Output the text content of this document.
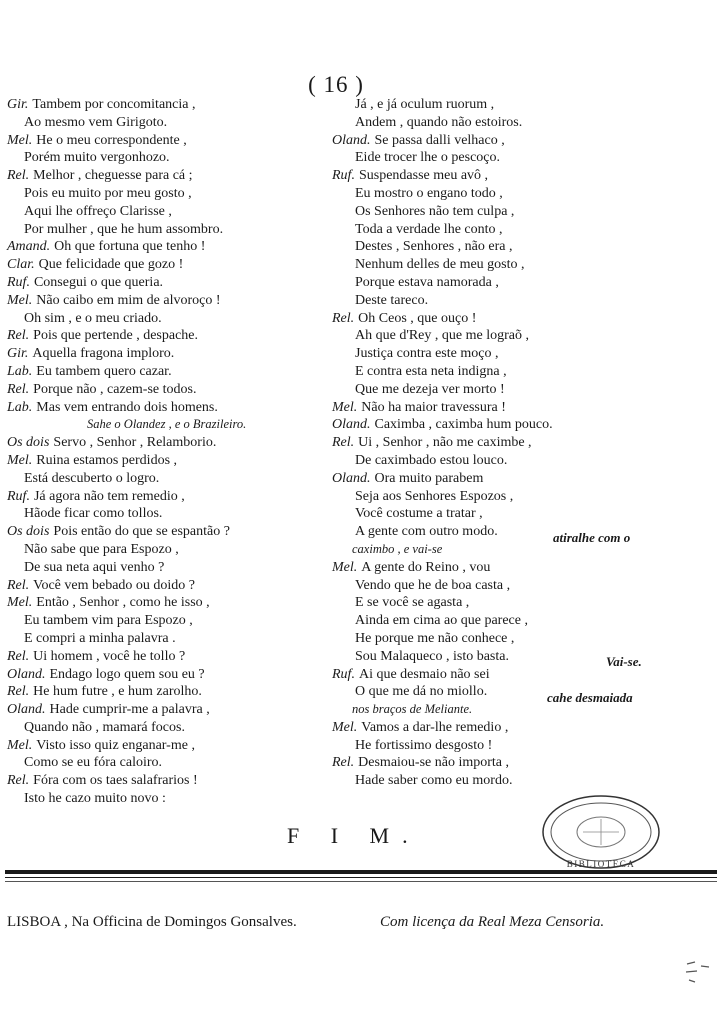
( 16 )
Gir. Tambem por concomitancia ,
Ao mesmo vem Girigoto.
Mel. He o meu correspondente ,
Porém muito vergonhozo.
Rel. Melhor , cheguesse para cá ;
Pois eu muito por meu gosto ,
Aqui lhe offreço Clarisse ,
Por mulher , que he hum assombro.
Amand. Oh que fortuna que tenho !
Clar. Que felicidade que gozo !
Ruf. Consegui o que queria.
Mel. Não caibo em mim de alvoroço !
Oh sim , e o meu criado.
Rel. Pois que pertende , despache.
Gir. Aquella fragona imploro.
Lab. Eu tambem quero cazar.
Rel. Porque não , cazem-se todos.
Lab. Mas vem entrando dois homens.
Sahe o Olandez , e o Brazileiro.
Os dois Servo , Senhor , Relamborio.
Mel. Ruina estamos perdidos ,
Está descuberto o logro.
Ruf. Já agora não tem remedio ,
Hãode ficar como tollos.
Os dois Pois então do que se espantão ?
Não sabe que para Espozo ,
De sua neta aqui venho ?
Rel. Você vem bebado ou doido ?
Mel. Então , Senhor , como he isso ,
Eu tambem vim para Espozo ,
E compri a minha palavra .
Rel. Ui homem , você he tollo ?
Oland. Endago logo quem sou eu ?
Rel. He hum futre , e hum zarolho.
Oland. Hade cumprir-me a palavra ,
Quando não , mamará focos.
Mel. Visto isso quiz enganar-me ,
Como se eu fóra caloiro.
Rel. Fóra com os taes salafrarios !
Isto he cazo muito novo :
Já , e já oculum ruorum ,
Andem , quando não estoiros.
Oland. Se passa dalli velhaco ,
Eide trocer lhe o pescoço.
Ruf. Suspendasse meu avô ,
Eu mostro o engano todo ,
Os Senhores não tem culpa ,
Toda a verdade lhe conto ,
Destes , Senhores , não era ,
Nenhum delles de meu gosto ,
Porque estava namorada ,
Deste tareco.
Rel. Oh Ceos , que ouço !
Ah que d'Rey , que me lograõ ,
Justiça contra este moço ,
E contra esta neta indigna ,
Que me dezeja ver morto !
Mel. Não ha maior travessura !
Oland. Caximba , caximba hum pouco.
Rel. Ui , Senhor , não me caximbe ,
De caximbado estou louco.
Oland. Ora muito parabem
Seja aos Senhores Espozos ,
Você costume a tratar ,
A gente com outro modo.
caximbo , e vai-se
Mel. A gente do Reino , vou
Vendo que he de boa casta ,
E se você se agasta ,
Ainda em cima ao que parece ,
He porque me não conhece ,
Sou Malaqueco , isto basta.
Ruf. Ai que desmaio não sei
O que me dá no miollo.
nos braços de Meliante.
Mel. Vamos a dar-lhe remedio ,
He fortissimo desgosto !
Rel. Desmaiou-se não importa ,
Hade saber como eu mordo.
atiralhe com o
Vai-se.
cahe desmaiada
F I M.
BIBLIOTECA
LISBOA , Na Officina de Domingos Gonsalves.	Com licença da Real Meza Censoria.
